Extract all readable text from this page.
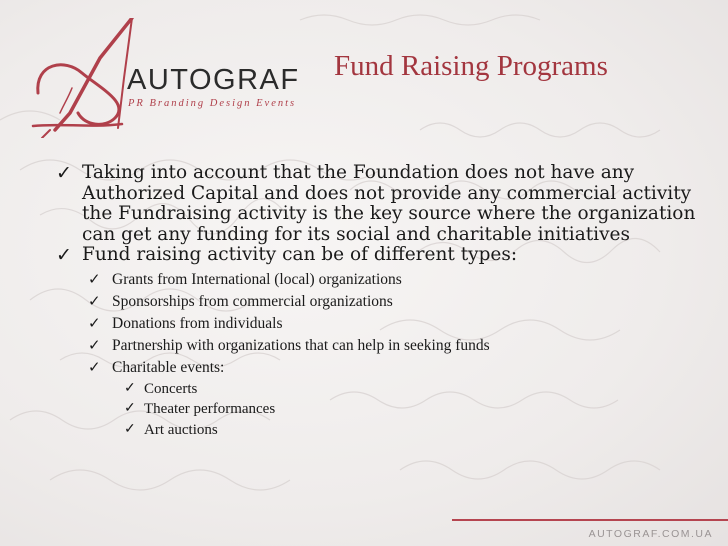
AUTOGRAF
PR Branding Design Events
Fund Raising Programs
✓ Taking into account that the Foundation does not have any Authorized Capital and does not provide any commercial activity the Fundraising activity is the key source where the organization can get any funding for its social and charitable initiatives
✓ Fund raising activity can be of different types:
✓ Grants from International (local) organizations
✓ Sponsorships from commercial organizations
✓ Donations from individuals
✓ Partnership with organizations that can help in seeking funds
✓ Charitable events:
✓ Concerts
✓ Theater performances
✓ Art auctions
AUTOGRAF.COM.UA
